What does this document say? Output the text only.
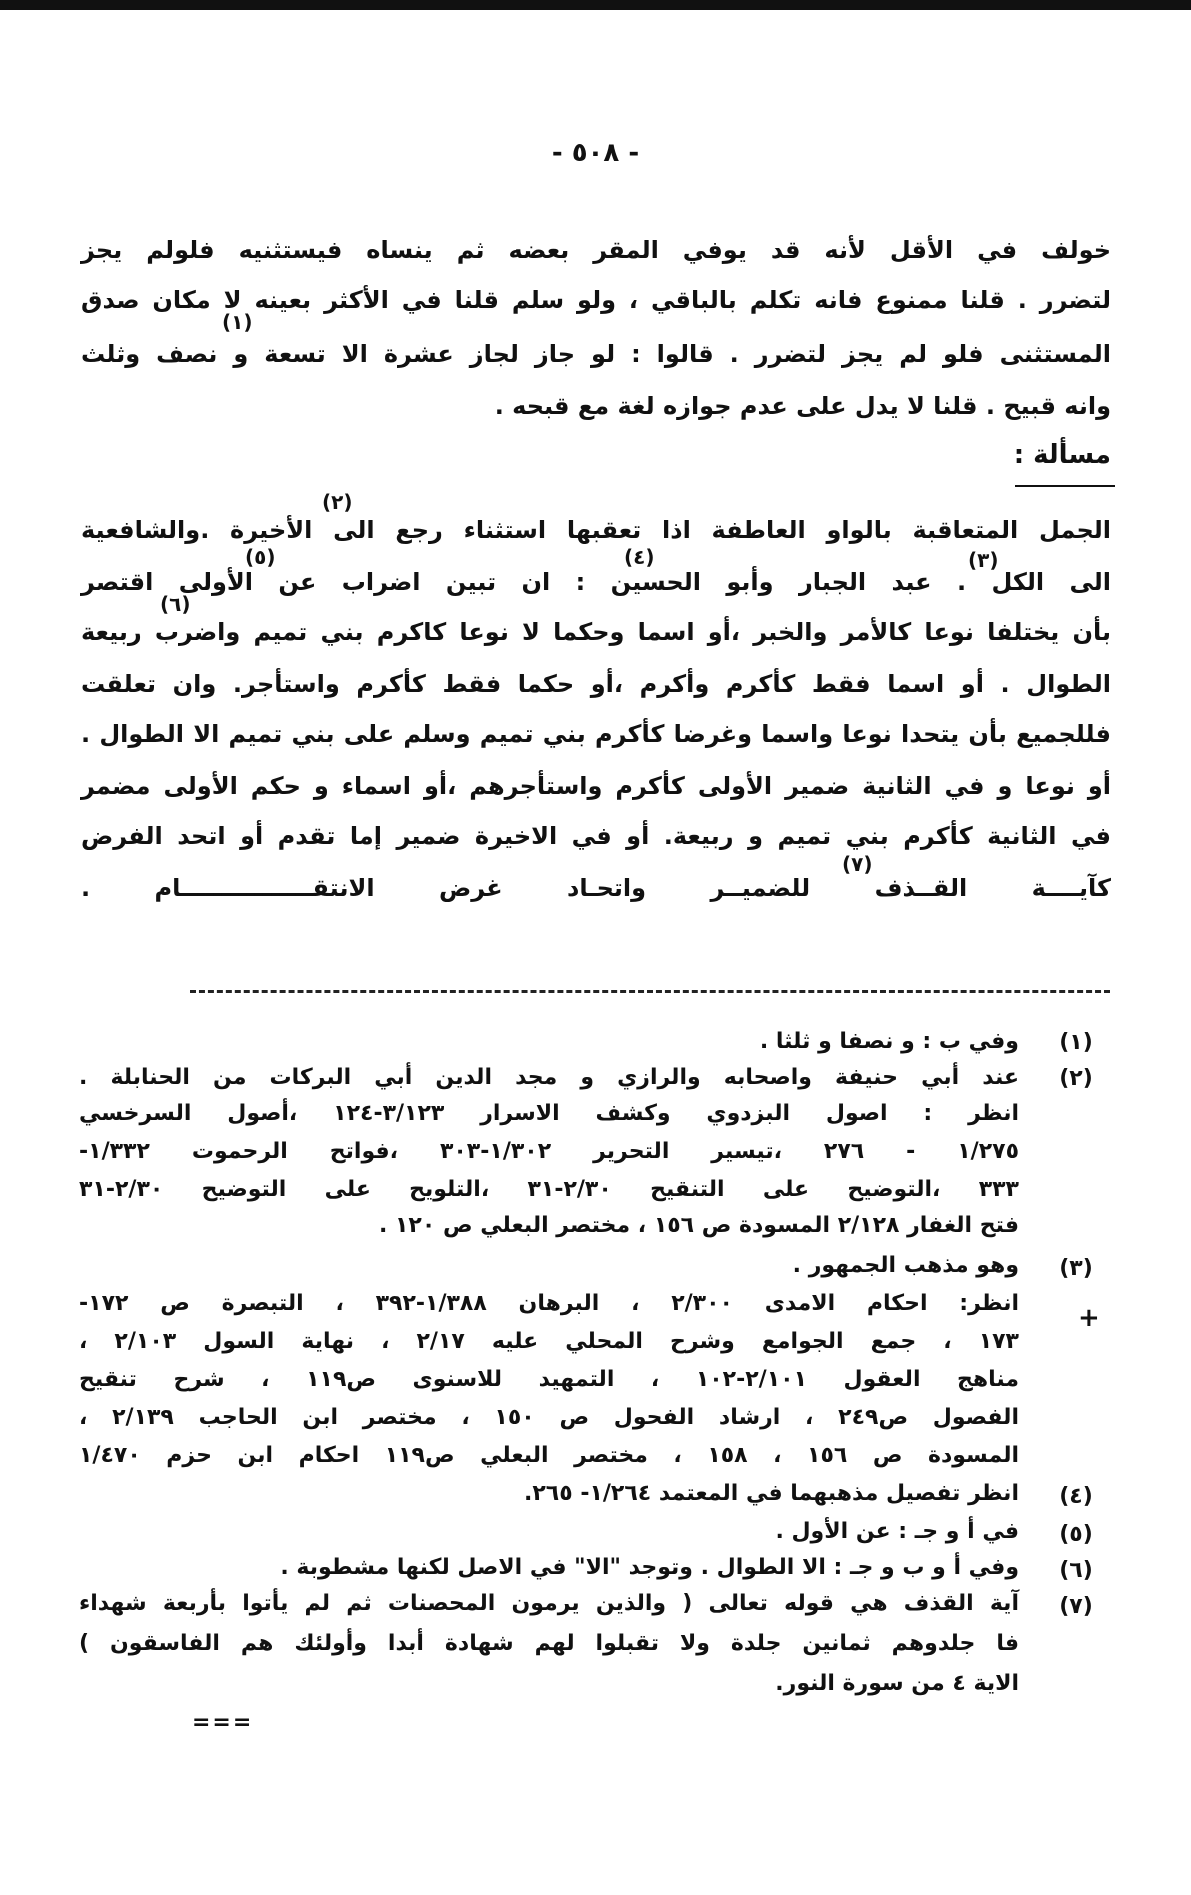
- ٥٠٨ -
خولف في الأقل لأنه قد يوفي المقر بعضه ثم ينساه فيستثنيه فلولم يجز
لتضرر . قلنا ممنوع فانه تكلم بالباقي ، ولو سلم قلنا في الأكثر بعينه لا مكان صدق
(١)
المستثنى فلو لم يجز لتضرر . قالوا : لو جاز لجاز عشرة الا تسعة و نصف وثلث
وانه قبيح . قلنا لا يدل على عدم جوازه لغة مع قبحه .
مسألة :
(٢)
الجمل المتعاقبة بالواو العاطفة اذا تعقبها استثناء رجع الى الأخيرة .والشافعية
(٥)	(٤)	(٣)
الى الكل . عبد الجبار وأبو الحسين : ان تبين اضراب عن الأولى اقتصر
(٦)
بأن يختلفا نوعا كالأمر والخبر ،أو اسما وحكما لا نوعا كاكرم بني تميم واضرب ربيعة
الطوال . أو اسما فقط كأكرم وأكرم ،أو حكما فقط كأكرم واستأجر. وان تعلقت
فللجميع بأن يتحدا نوعا واسما وغرضا كأكرم بني تميم وسلم على بني تميم الا الطوال .
أو نوعا و في الثانية ضمير الأولى كأكرم واستأجرهم ،أو اسماء و حكم الأولى مضمر
في الثانية كأكرم بني تميم و ربيعة. أو في الاخيرة ضمير إما تقدم أو اتحد الفرض
(٧)
كآيــــة القــذف للضميــر واتحـاد غرض الانتقــــــــــــــــام .
(١)
وفي ب : و نصفا و ثلثا .
(٢)
عند أبي حنيفة واصحابه والرازي و مجد الدين أبي البركات من الحنابلة .
انظر : اصول البزدوي وكشف الاسرار ٣/١٢٣-١٢٤ ،أصول السرخسي
١/٢٧٥ - ٢٧٦ ،تيسير التحرير ١/٣٠٢-٣٠٣ ،فواتح الرحموت ١/٣٣٢-
٣٣٣ ،التوضيح على التنقيح ٢/٣٠-٣١ ،التلويح على التوضيح ٢/٣٠-٣١
فتح الغفار ٢/١٢٨ المسودة ص ١٥٦ ، مختصر البعلي ص ١٢٠ .
(٣)
وهو مذهب الجمهور .
+
انظر: احكام الامدى ٢/٣٠٠ ، البرهان ١/٣٨٨-٣٩٢ ، التبصرة ص ١٧٢-
١٧٣ ، جمع الجوامع وشرح المحلي عليه ٢/١٧ ، نهاية السول ٢/١٠٣ ،
مناهج العقول ٢/١٠١-١٠٢ ، التمهيد للاسنوى ص١١٩ ، شرح تنقيح
الفصول ص٢٤٩ ، ارشاد الفحول ص ١٥٠ ، مختصر ابن الحاجب ٢/١٣٩ ،
المسودة ص ١٥٦ ، ١٥٨ ، مختصر البعلي ص١١٩ احكام ابن حزم ١/٤٧٠
(٤)
انظر تفصيل مذهبهما في المعتمد ١/٢٦٤- ٢٦٥.
(٥)
في أ و جـ : عن الأول .
(٦)
وفي أ و ب و جـ : الا الطوال . وتوجد "الا" في الاصل لكنها مشطوبة .
(٧)
آية القذف هي قوله تعالى ( والذين يرمون المحصنات ثم لم يأتوا بأربعة شهداء
فا جلدوهم ثمانين جلدة ولا تقبلوا لهم شهادة أبدا وأولئك هم الفاسقون )
الاية ٤ من سورة النور.
===
